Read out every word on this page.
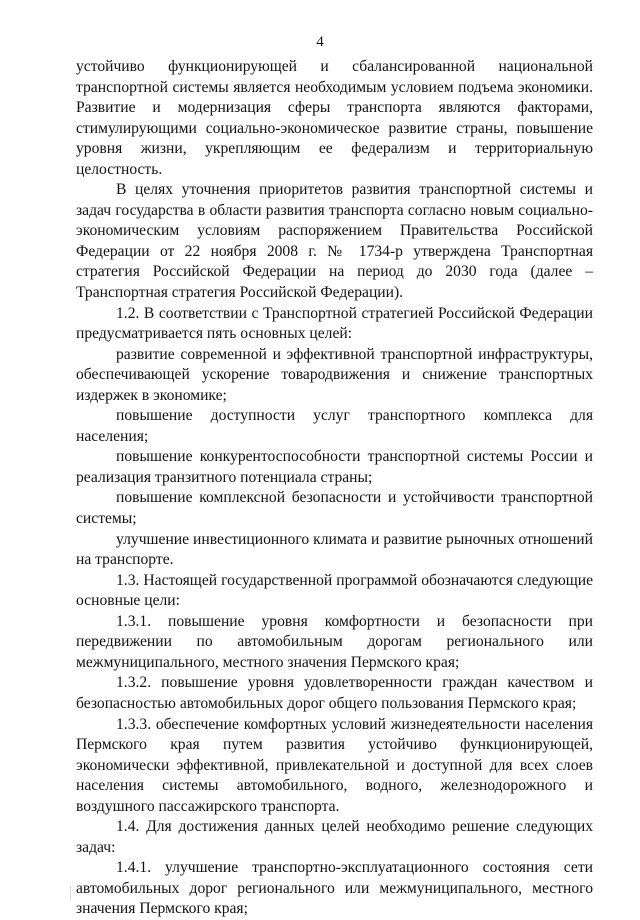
4

устойчиво функционирующей и сбалансированной национальной транспортной системы является необходимым условием подъема экономики. Развитие и модернизация сферы транспорта являются факторами, стимулирующими социально-экономическое развитие страны, повышение уровня жизни, укрепляющим ее федерализм и территориальную целостность.

В целях уточнения приоритетов развития транспортной системы и задач государства в области развития транспорта согласно новым социально-экономическим условиям распоряжением Правительства Российской Федерации от 22 ноября 2008 г. № 1734-р утверждена Транспортная стратегия Российской Федерации на период до 2030 года (далее – Транспортная стратегия Российской Федерации).

1.2. В соответствии с Транспортной стратегией Российской Федерации предусматривается пять основных целей:

развитие современной и эффективной транспортной инфраструктуры, обеспечивающей ускорение товародвижения и снижение транспортных издержек в экономике;

повышение доступности услуг транспортного комплекса для населения;

повышение конкурентоспособности транспортной системы России и реализация транзитного потенциала страны;

повышение комплексной безопасности и устойчивости транспортной системы;

улучшение инвестиционного климата и развитие рыночных отношений на транспорте.

1.3. Настоящей государственной программой обозначаются следующие основные цели:

1.3.1. повышение уровня комфортности и безопасности при передвижении по автомобильным дорогам регионального или межмуниципального, местного значения Пермского края;

1.3.2. повышение уровня удовлетворенности граждан качеством и безопасностью автомобильных дорог общего пользования Пермского края;

1.3.3. обеспечение комфортных условий жизнедеятельности населения Пермского края путем развития устойчиво функционирующей, экономически эффективной, привлекательной и доступной для всех слоев населения системы автомобильного, водного, железнодорожного и воздушного пассажирского транспорта.

1.4. Для достижения данных целей необходимо решение следующих задач:

1.4.1. улучшение транспортно-эксплуатационного состояния сети автомобильных дорог регионального или межмуниципального, местного значения Пермского края;
